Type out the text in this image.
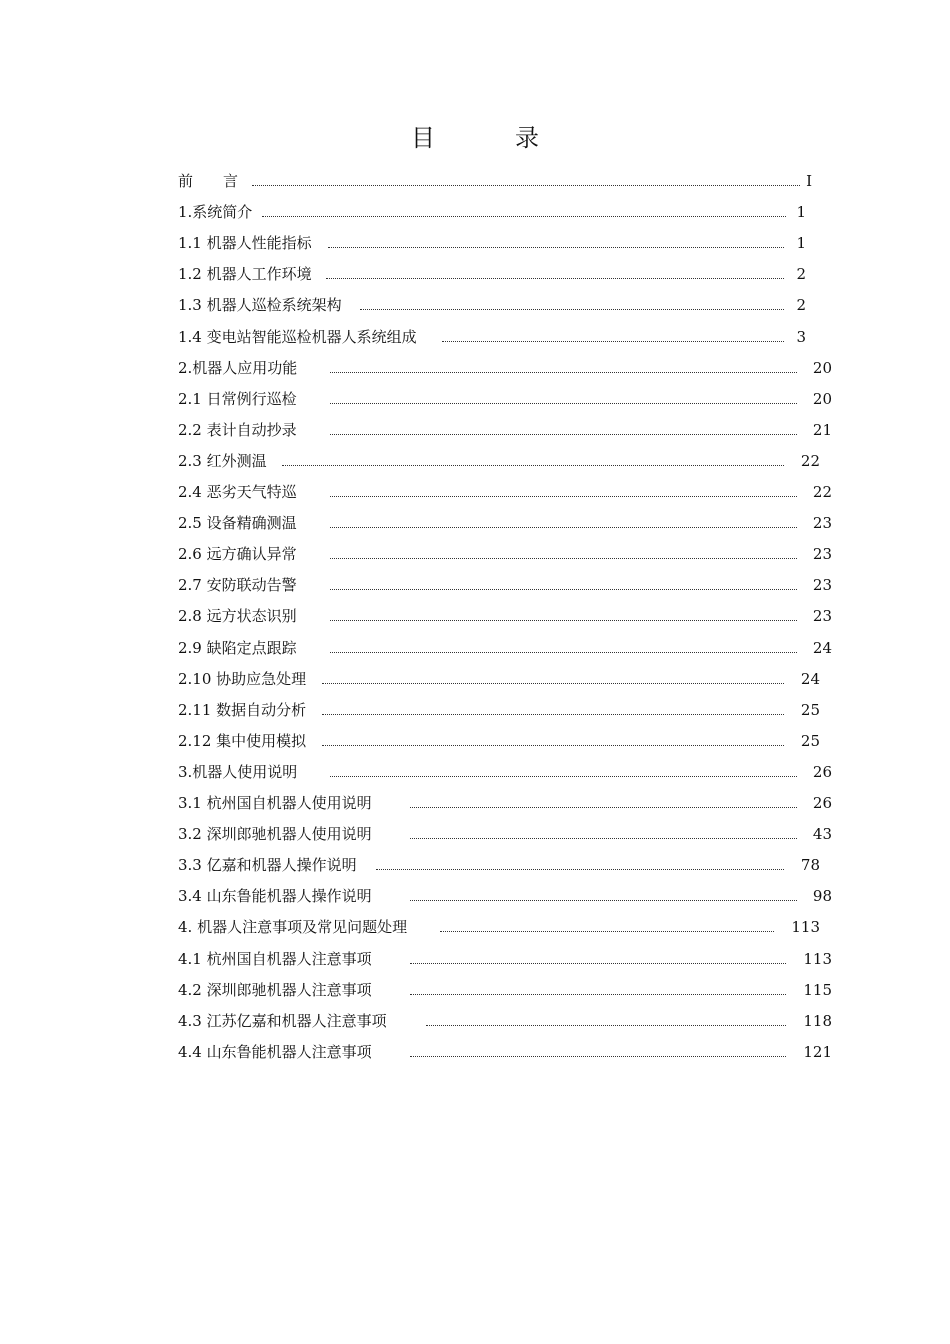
目　录
前　　言	I
1.系统简介	1
1.1 机器人性能指标	1
1.2 机器人工作环境	2
1.3 机器人巡检系统架构	2
1.4 变电站智能巡检机器人系统组成	3
2.机器人应用功能	20
2.1 日常例行巡检	20
2.2 表计自动抄录	21
2.3 红外测温	22
2.4 恶劣天气特巡	22
2.5 设备精确测温	23
2.6 远方确认异常	23
2.7 安防联动告警	23
2.8 远方状态识别	23
2.9 缺陷定点跟踪	24
2.10 协助应急处理	24
2.11 数据自动分析	25
2.12 集中使用模拟	25
3.机器人使用说明	26
3.1 杭州国自机器人使用说明	26
3.2 深圳郎驰机器人使用说明	43
3.3 亿嘉和机器人操作说明	78
3.4 山东鲁能机器人操作说明	98
4. 机器人注意事项及常见问题处理	113
4.1 杭州国自机器人注意事项	113
4.2 深圳郎驰机器人注意事项	115
4.3 江苏亿嘉和机器人注意事项	118
4.4 山东鲁能机器人注意事项	121
